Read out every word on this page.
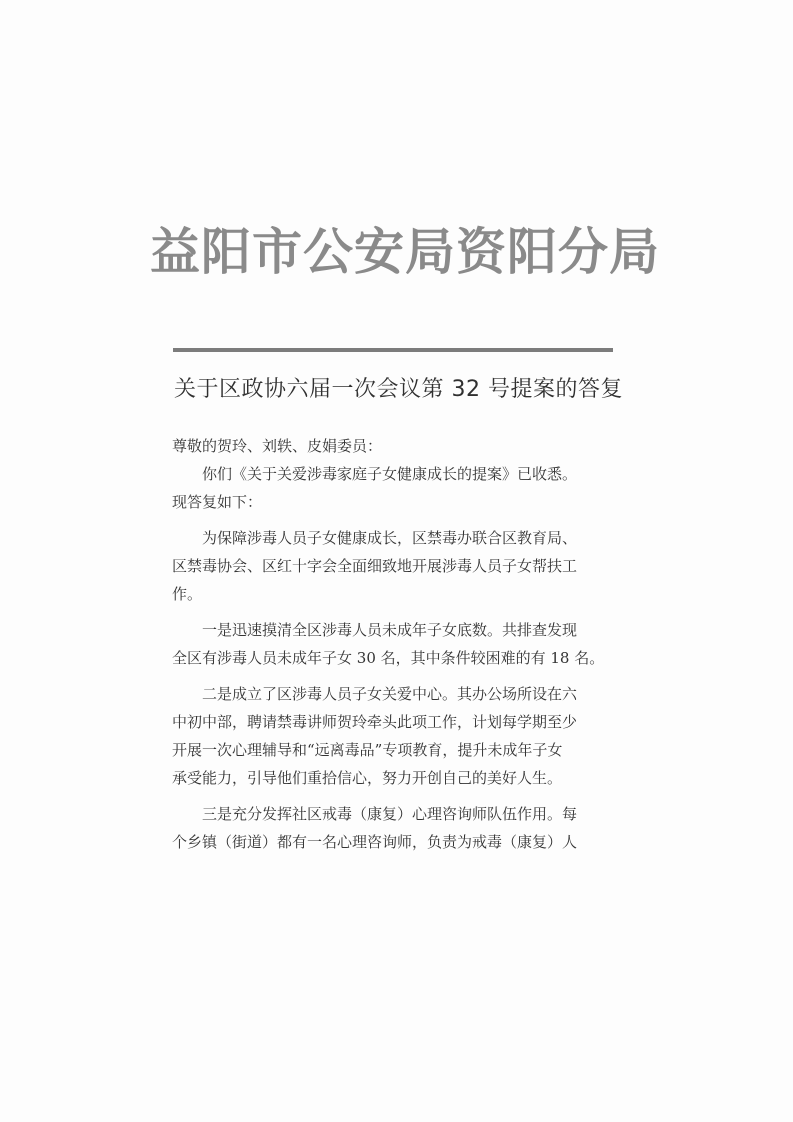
益阳市公安局资阳分局
关于区政协六届一次会议第 32 号提案的答复
尊敬的贺玲、刘轶、皮娟委员：
你们《关于关爱涉毒家庭子女健康成长的提案》已收悉。
现答复如下：
为保障涉毒人员子女健康成长，区禁毒办联合区教育局、
区禁毒协会、区红十字会全面细致地开展涉毒人员子女帮扶工
作。
一是迅速摸清全区涉毒人员未成年子女底数。共排查发现
全区有涉毒人员未成年子女 30 名，其中条件较困难的有 18 名。
二是成立了区涉毒人员子女关爱中心。其办公场所设在六
中初中部，聘请禁毒讲师贺玲牵头此项工作，计划每学期至少
开展一次心理辅导和“远离毒品”专项教育，提升未成年子女
承受能力，引导他们重拾信心，努力开创自己的美好人生。
三是充分发挥社区戒毒（康复）心理咨询师队伍作用。每
个乡镇（街道）都有一名心理咨询师，负责为戒毒（康复）人
